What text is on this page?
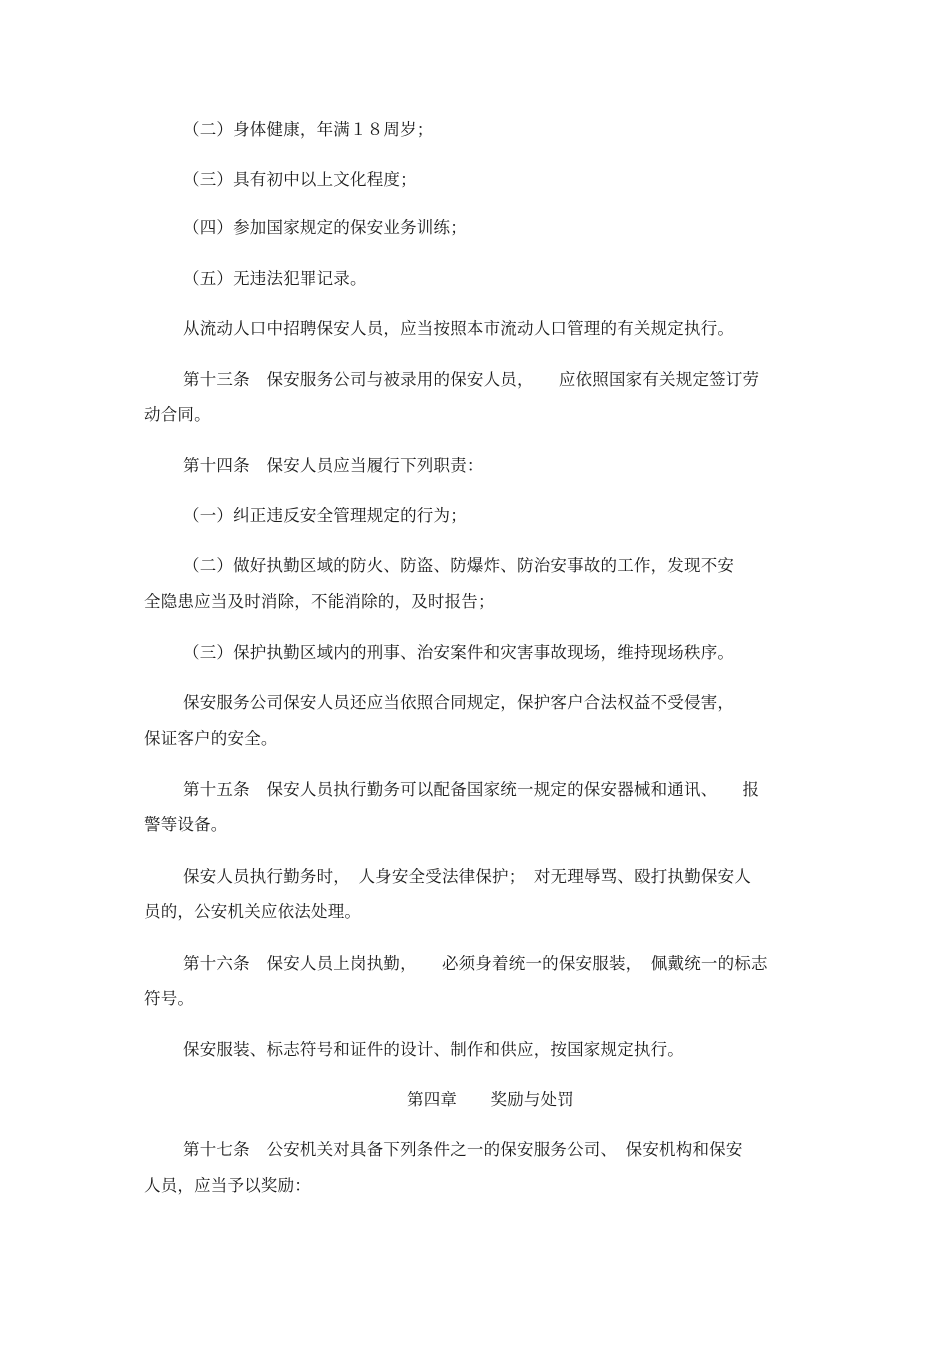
（二）身体健康，年满１８周岁；
（三）具有初中以上文化程度；
（四）参加国家规定的保安业务训练；
（五）无违法犯罪记录。
从流动人口中招聘保安人员，应当按照本市流动人口管理的有关规定执行。
第十三条　保安服务公司与被录用的保安人员，　　应依照国家有关规定签订劳
动合同。
第十四条　保安人员应当履行下列职责：
（一）纠正违反安全管理规定的行为；
（二）做好执勤区域的防火、防盗、防爆炸、防治安事故的工作，发现不安
全隐患应当及时消除，不能消除的，及时报告；
（三）保护执勤区域内的刑事、治安案件和灾害事故现场，维持现场秩序。
保安服务公司保安人员还应当依照合同规定，保护客户合法权益不受侵害，
保证客户的安全。
第十五条　保安人员执行勤务可以配备国家统一规定的保安器械和通讯、　　报
警等设备。
保安人员执行勤务时，　人身安全受法律保护；　对无理辱骂、殴打执勤保安人
员的，公安机关应依法处理。
第十六条　保安人员上岗执勤，　　必须身着统一的保安服装，　佩戴统一的标志
符号。
保安服装、标志符号和证件的设计、制作和供应，按国家规定执行。
第四章　　奖励与处罚
第十七条　公安机关对具备下列条件之一的保安服务公司、　保安机构和保安
人员，应当予以奖励：
